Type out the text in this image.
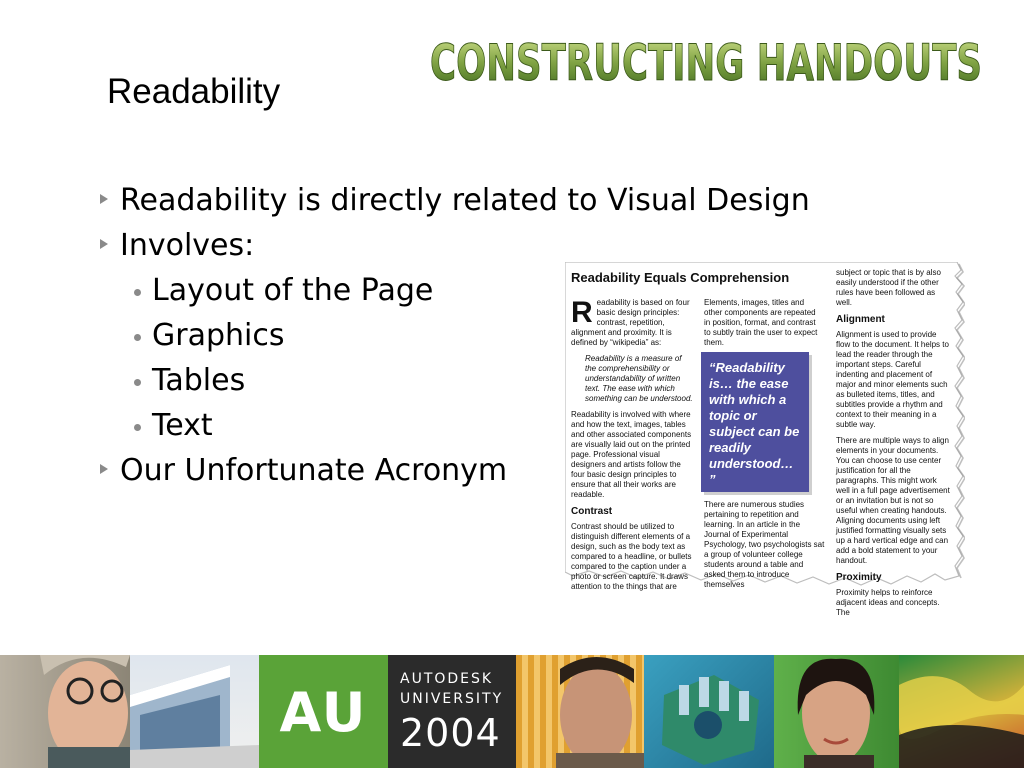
CONSTRUCTING HANDOUTS
Readability
Readability is directly related to Visual Design
Involves:
Layout of the Page
Graphics
Tables
Text
Our Unfortunate Acronym
Readability Equals Comprehension

Readability is based on four basic design principles: contrast, repetition, alignment and proximity. It is defined by “wikipedia” as:

Readability is a measure of the comprehensibility or understandability of written text. The ease with which something can be understood.

Readability is involved with where and how the text, images, tables and other associated components are visually laid out on the printed page. Professional visual designers and artists follow the four basic design principles to ensure that all their works are readable.

Contrast

Contrast should be utilized to distinguish different elements of a design, such as the body text as compared to a headline, or bullets compared to the caption under a photo or screen capture. It draws attention to the things that are

Elements, images, titles and other components are repeated in position, format, and contrast to subtly train the user to expect them.

“Readability is… the ease with which a topic or subject can be readily understood… ”

There are numerous studies pertaining to repetition and learning. In an article in the Journal of Experimental Psychology, two psychologists sat a group of volunteer college students around a table and asked them to introduce themselves

subject or topic that is by also easily understood if the other rules have been followed as well.

Alignment

Alignment is used to provide flow to the document. It helps to lead the reader through the important steps. Careful indenting and placement of major and minor elements such as bulleted items, titles, and subtitles provide a rhythm and context to their meaning in a subtle way.

There are multiple ways to align elements in your documents. You can choose to use center justification for all the paragraphs. This might work well in a full page advertisement or an invitation but is not so useful when creating handouts. Aligning documents using left justified formatting visually sets up a hard vertical edge and can add a bold statement to your handout.

Proximity

Proximity helps to reinforce adjacent ideas and concepts. The

AU
AUTODESK
UNIVERSITY
2004
